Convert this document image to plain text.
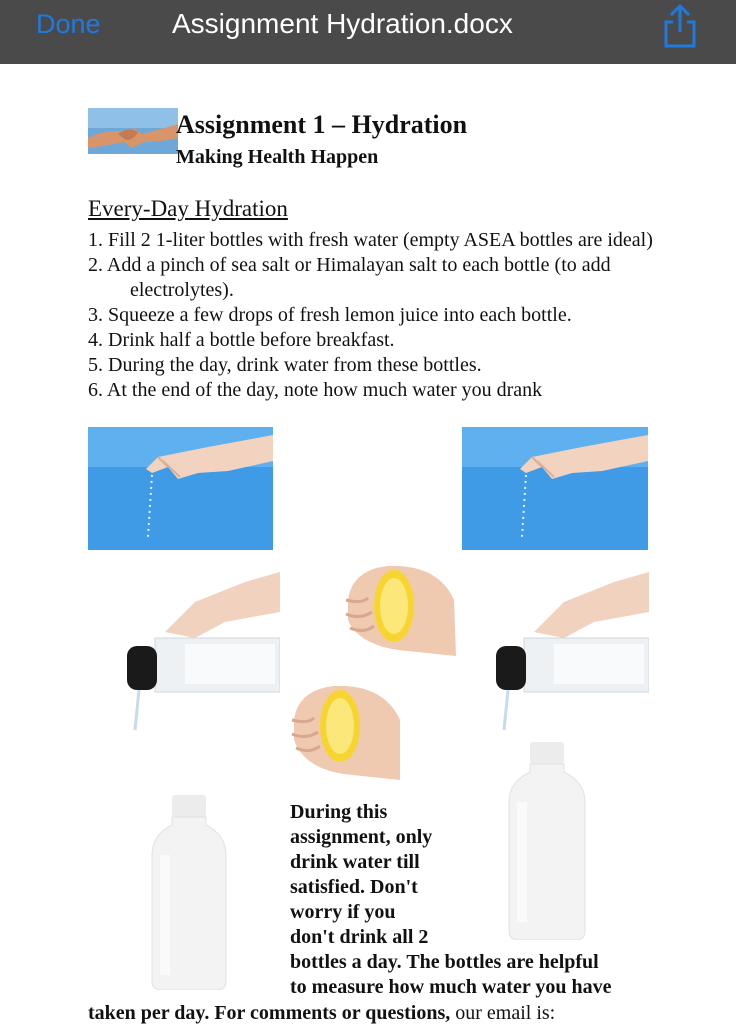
Done	Assignment Hydration.docx
Assignment 1 – Hydration
Making Health Happen
Every-Day Hydration

1. Fill 2 1-liter bottles with fresh water (empty ASEA bottles are ideal)

2. Add a pinch of sea salt or Himalayan salt to each bottle (to add electrolytes).

3. Squeeze a few drops of fresh lemon juice into each bottle.

4. Drink half a bottle before breakfast.

5. During the day, drink water from these bottles.

6. At the end of the day, note how much water you drank

During this
assignment, only
drink water till
satisfied. Don't
worry if you
don't drink all 2
bottles a day. The bottles are helpful
to measure how much water you have
taken per day. For comments or questions, our email is:
